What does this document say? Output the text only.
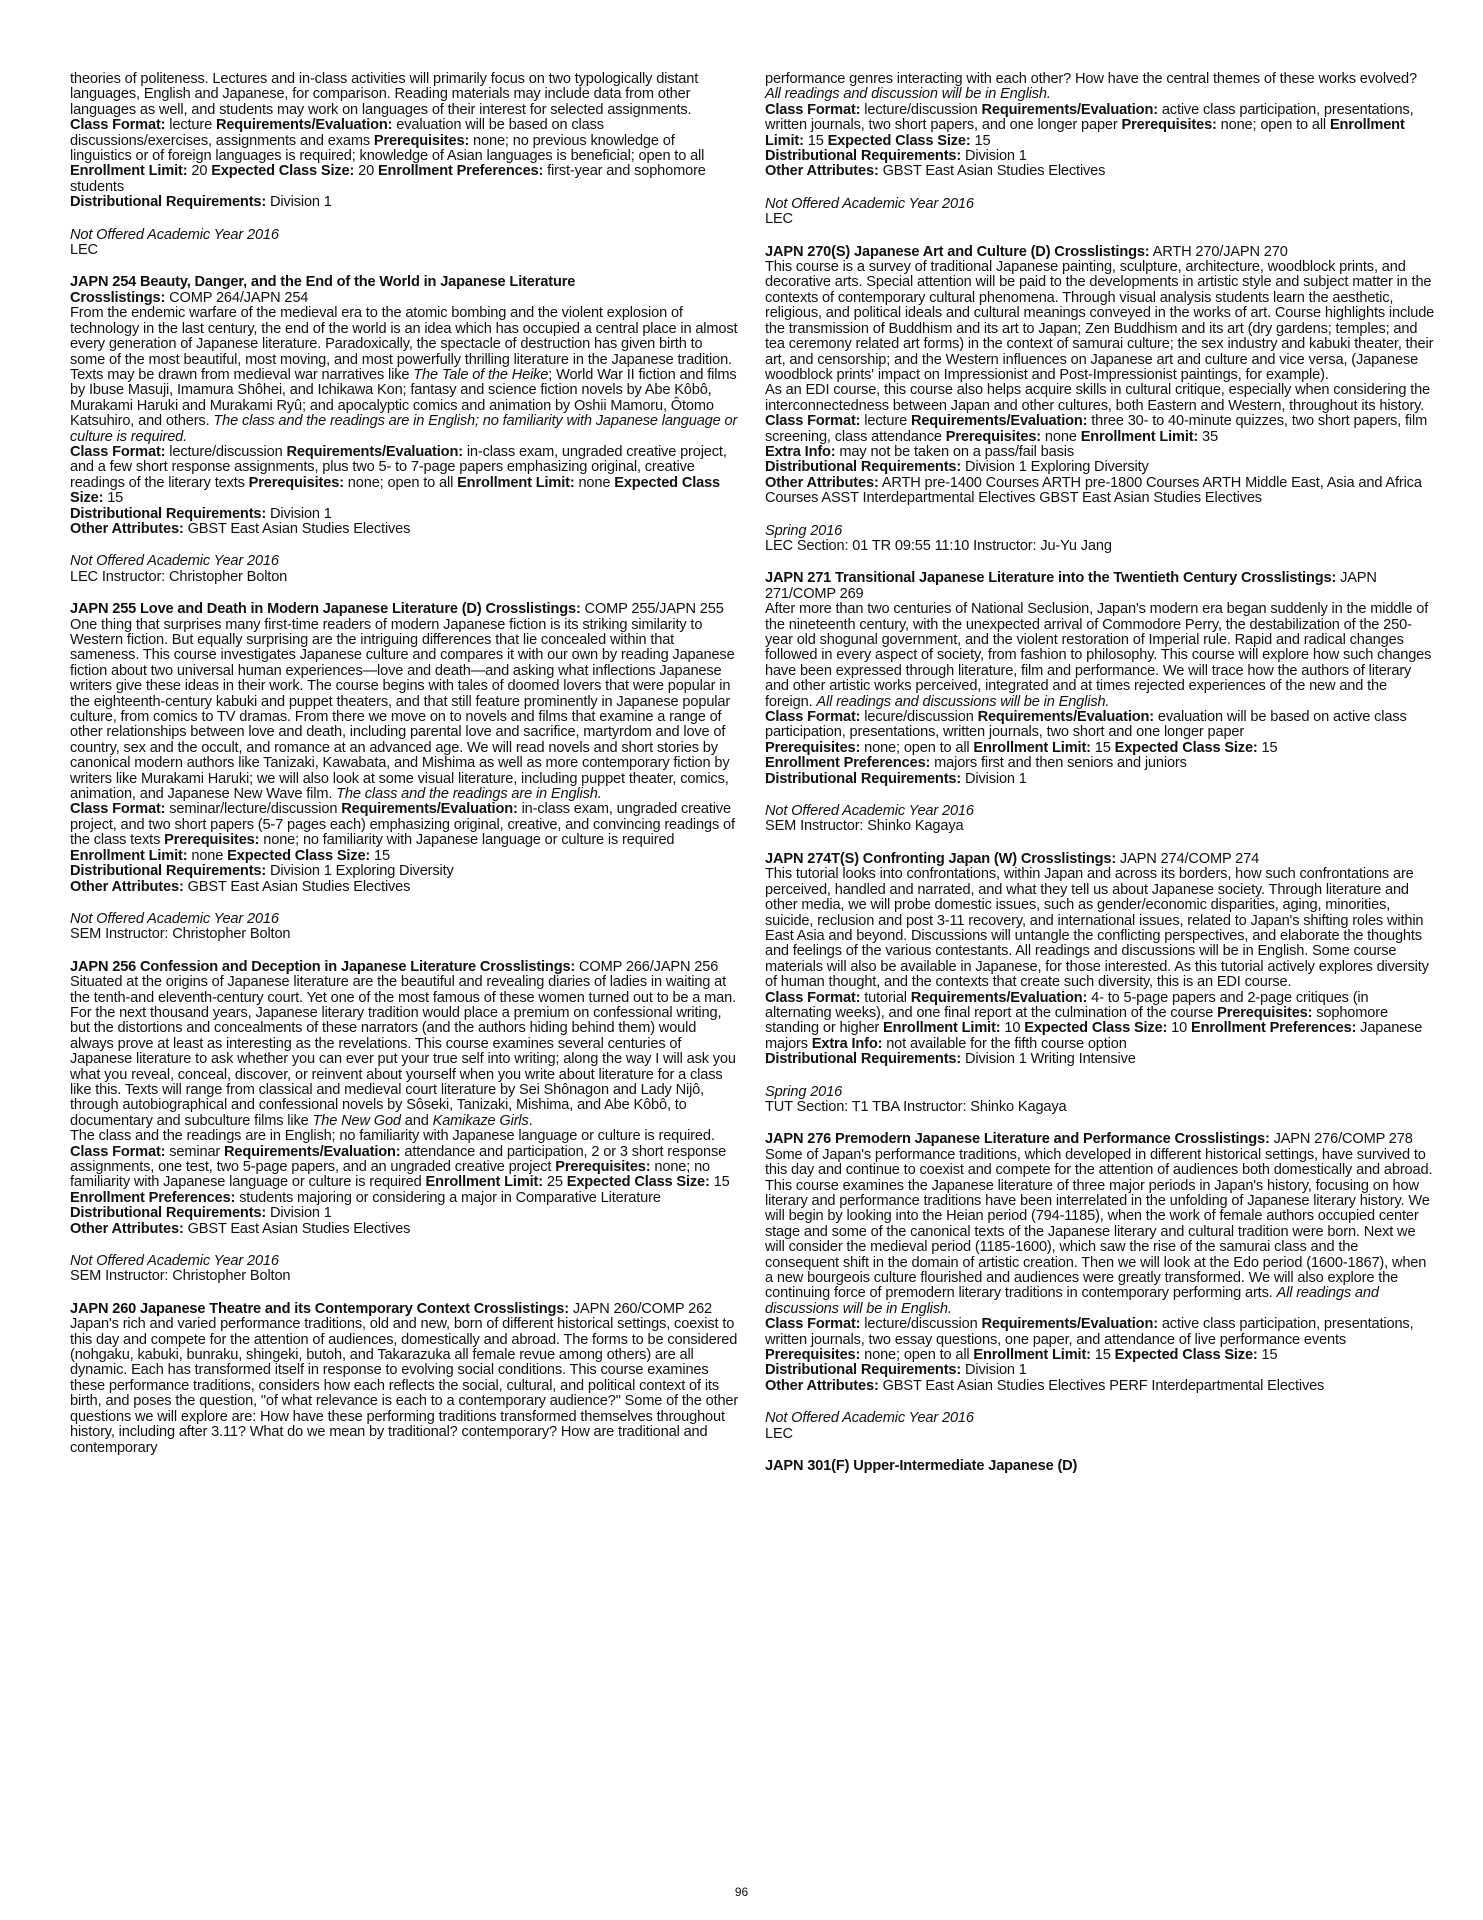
theories of politeness. Lectures and in-class activities will primarily focus on two typologically distant languages, English and Japanese, for comparison. Reading materials may include data from other languages as well, and students may work on languages of their interest for selected assignments.

Class Format: lecture Requirements/Evaluation: evaluation will be based on class discussions/exercises, assignments and exams Prerequisites: none; no previous knowledge of linguistics or of foreign languages is required; knowledge of Asian languages is beneficial; open to all Enrollment Limit: 20 Expected Class Size: 20 Enrollment Preferences: first-year and sophomore students

Distributional Requirements: Division 1

Not Offered Academic Year 2016

LEC

JAPN 254 Beauty, Danger, and the End of the World in Japanese Literature

Crosslistings: COMP 264/JAPN 254

From the endemic warfare of the medieval era to the atomic bombing and the violent explosion of technology in the last century, the end of the world is an idea which has occupied a central place in almost every generation of Japanese literature. Paradoxically, the spectacle of destruction has given birth to some of the most beautiful, most moving, and most powerfully thrilling literature in the Japanese tradition. Texts may be drawn from medieval war narratives like The Tale of the Heike; World War II fiction and films by Ibuse Masuji, Imamura Shôhei, and Ichikawa Kon; fantasy and science fiction novels by Abe Kôbô, Murakami Haruki and Murakami Ryû; and apocalyptic comics and animation by Oshii Mamoru, Ôtomo Katsuhiro, and others. The class and the readings are in English; no familiarity with Japanese language or culture is required.

Class Format: lecture/discussion Requirements/Evaluation: in-class exam, ungraded creative project, and a few short response assignments, plus two 5- to 7-page papers emphasizing original, creative readings of the literary texts Prerequisites: none; open to all Enrollment Limit: none Expected Class Size: 15

Distributional Requirements: Division 1

Other Attributes: GBST East Asian Studies Electives

Not Offered Academic Year 2016

LEC Instructor: Christopher Bolton

JAPN 255 Love and Death in Modern Japanese Literature (D) Crosslistings: COMP 255/JAPN 255

One thing that surprises many first-time readers of modern Japanese fiction is its striking similarity to Western fiction. But equally surprising are the intriguing differences that lie concealed within that sameness. This course investigates Japanese culture and compares it with our own by reading Japanese fiction about two universal human experiences—love and death—and asking what inflections Japanese writers give these ideas in their work. The course begins with tales of doomed lovers that were popular in the eighteenth-century kabuki and puppet theaters, and that still feature prominently in Japanese popular culture, from comics to TV dramas. From there we move on to novels and films that examine a range of other relationships between love and death, including parental love and sacrifice, martyrdom and love of country, sex and the occult, and romance at an advanced age. We will read novels and short stories by canonical modern authors like Tanizaki, Kawabata, and Mishima as well as more contemporary fiction by writers like Murakami Haruki; we will also look at some visual literature, including puppet theater, comics, animation, and Japanese New Wave film. The class and the readings are in English.

Class Format: seminar/lecture/discussion Requirements/Evaluation: in-class exam, ungraded creative project, and two short papers (5-7 pages each) emphasizing original, creative, and convincing readings of the class texts Prerequisites: none; no familiarity with Japanese language or culture is required Enrollment Limit: none Expected Class Size: 15

Distributional Requirements: Division 1 Exploring Diversity

Other Attributes: GBST East Asian Studies Electives

Not Offered Academic Year 2016

SEM Instructor: Christopher Bolton

JAPN 256 Confession and Deception in Japanese Literature Crosslistings: COMP 266/JAPN 256

Situated at the origins of Japanese literature are the beautiful and revealing diaries of ladies in waiting at the tenth-and eleventh-century court. Yet one of the most famous of these women turned out to be a man. For the next thousand years, Japanese literary tradition would place a premium on confessional writing, but the distortions and concealments of these narrators (and the authors hiding behind them) would always prove at least as interesting as the revelations. This course examines several centuries of Japanese literature to ask whether you can ever put your true self into writing; along the way I will ask you what you reveal, conceal, discover, or reinvent about yourself when you write about literature for a class like this. Texts will range from classical and medieval court literature by Sei Shônagon and Lady Nijô, through autobiographical and confessional novels by Sôseki, Tanizaki, Mishima, and Abe Kôbô, to documentary and subculture films like The New God and Kamikaze Girls.

The class and the readings are in English; no familiarity with Japanese language or culture is required.

Class Format: seminar Requirements/Evaluation: attendance and participation, 2 or 3 short response assignments, one test, two 5-page papers, and an ungraded creative project Prerequisites: none; no familiarity with Japanese language or culture is required Enrollment Limit: 25 Expected Class Size: 15 Enrollment Preferences: students majoring or considering a major in Comparative Literature

Distributional Requirements: Division 1

Other Attributes: GBST East Asian Studies Electives

Not Offered Academic Year 2016

SEM Instructor: Christopher Bolton

JAPN 260 Japanese Theatre and its Contemporary Context Crosslistings: JAPN 260/COMP 262

Japan's rich and varied performance traditions, old and new, born of different historical settings, coexist to this day and compete for the attention of audiences, domestically and abroad. The forms to be considered (nohgaku, kabuki, bunraku, shingeki, butoh, and Takarazuka all female revue among others) are all dynamic. Each has transformed itself in response to evolving social conditions. This course examines these performance traditions, considers how each reflects the social, cultural, and political context of its birth, and poses the question, "of what relevance is each to a contemporary audience?" Some of the other questions we will explore are: How have these performing traditions transformed themselves throughout history, including after 3.11? What do we mean by traditional? contemporary? How are traditional and contemporary

performance genres interacting with each other? How have the central themes of these works evolved?

All readings and discussion will be in English.

Class Format: lecture/discussion Requirements/Evaluation: active class participation, presentations, written journals, two short papers, and one longer paper Prerequisites: none; open to all Enrollment Limit: 15 Expected Class Size: 15

Distributional Requirements: Division 1

Other Attributes: GBST East Asian Studies Electives

Not Offered Academic Year 2016

LEC

JAPN 270(S) Japanese Art and Culture (D) Crosslistings: ARTH 270/JAPN 270

This course is a survey of traditional Japanese painting, sculpture, architecture, woodblock prints, and decorative arts. Special attention will be paid to the developments in artistic style and subject matter in the contexts of contemporary cultural phenomena. Through visual analysis students learn the aesthetic, religious, and political ideals and cultural meanings conveyed in the works of art. Course highlights include the transmission of Buddhism and its art to Japan; Zen Buddhism and its art (dry gardens; temples; and tea ceremony related art forms) in the context of samurai culture; the sex industry and kabuki theater, their art, and censorship; and the Western influences on Japanese art and culture and vice versa, (Japanese woodblock prints' impact on Impressionist and Post-Impressionist paintings, for example).

As an EDI course, this course also helps acquire skills in cultural critique, especially when considering the interconnectedness between Japan and other cultures, both Eastern and Western, throughout its history.

Class Format: lecture Requirements/Evaluation: three 30- to 40-minute quizzes, two short papers, film screening, class attendance Prerequisites: none Enrollment Limit: 35

Extra Info: may not be taken on a pass/fail basis

Distributional Requirements: Division 1 Exploring Diversity

Other Attributes: ARTH pre-1400 Courses ARTH pre-1800 Courses ARTH Middle East, Asia and Africa Courses ASST Interdepartmental Electives GBST East Asian Studies Electives

Spring 2016

LEC Section: 01 TR 09:55 11:10 Instructor: Ju-Yu Jang

JAPN 271 Transitional Japanese Literature into the Twentieth Century Crosslistings: JAPN 271/COMP 269

After more than two centuries of National Seclusion, Japan's modern era began suddenly in the middle of the nineteenth century, with the unexpected arrival of Commodore Perry, the destabilization of the 250-year old shogunal government, and the violent restoration of Imperial rule. Rapid and radical changes followed in every aspect of society, from fashion to philosophy. This course will explore how such changes have been expressed through literature, film and performance. We will trace how the authors of literary and other artistic works perceived, integrated and at times rejected experiences of the new and the foreign. All readings and discussions will be in English.

Class Format: lecure/discussion Requirements/Evaluation: evaluation will be based on active class participation, presentations, written journals, two short and one longer paper

Prerequisites: none; open to all Enrollment Limit: 15 Expected Class Size: 15

Enrollment Preferences: majors first and then seniors and juniors

Distributional Requirements: Division 1

Not Offered Academic Year 2016

SEM Instructor: Shinko Kagaya

JAPN 274T(S) Confronting Japan (W) Crosslistings: JAPN 274/COMP 274

This tutorial looks into confrontations, within Japan and across its borders, how such confrontations are perceived, handled and narrated, and what they tell us about Japanese society. Through literature and other media, we will probe domestic issues, such as gender/economic disparities, aging, minorities, suicide, reclusion and post 3-11 recovery, and international issues, related to Japan's shifting roles within East Asia and beyond. Discussions will untangle the conflicting perspectives, and elaborate the thoughts and feelings of the various contestants. All readings and discussions will be in English. Some course materials will also be available in Japanese, for those interested. As this tutorial actively explores diversity of human thought, and the contexts that create such diversity, this is an EDI course.

Class Format: tutorial Requirements/Evaluation: 4- to 5-page papers and 2-page critiques (in alternating weeks), and one final report at the culmination of the course Prerequisites: sophomore standing or higher Enrollment Limit: 10 Expected Class Size: 10 Enrollment Preferences: Japanese majors Extra Info: not available for the fifth course option

Distributional Requirements: Division 1 Writing Intensive

Spring 2016

TUT Section: T1 TBA Instructor: Shinko Kagaya

JAPN 276 Premodern Japanese Literature and Performance Crosslistings: JAPN 276/COMP 278

Some of Japan's performance traditions, which developed in different historical settings, have survived to this day and continue to coexist and compete for the attention of audiences both domestically and abroad. This course examines the Japanese literature of three major periods in Japan's history, focusing on how literary and performance traditions have been interrelated in the unfolding of Japanese literary history. We will begin by looking into the Heian period (794-1185), when the work of female authors occupied center stage and some of the canonical texts of the Japanese literary and cultural tradition were born. Next we will consider the medieval period (1185-1600), which saw the rise of the samurai class and the consequent shift in the domain of artistic creation. Then we will look at the Edo period (1600-1867), when a new bourgeois culture flourished and audiences were greatly transformed. We will also explore the continuing force of premodern literary traditions in contemporary performing arts. All readings and discussions will be in English.

Class Format: lecture/discussion Requirements/Evaluation: active class participation, presentations, written journals, two essay questions, one paper, and attendance of live performance events Prerequisites: none; open to all Enrollment Limit: 15 Expected Class Size: 15

Distributional Requirements: Division 1

Other Attributes: GBST East Asian Studies Electives PERF Interdepartmental Electives

Not Offered Academic Year 2016

LEC

JAPN 301(F) Upper-Intermediate Japanese (D)

96
